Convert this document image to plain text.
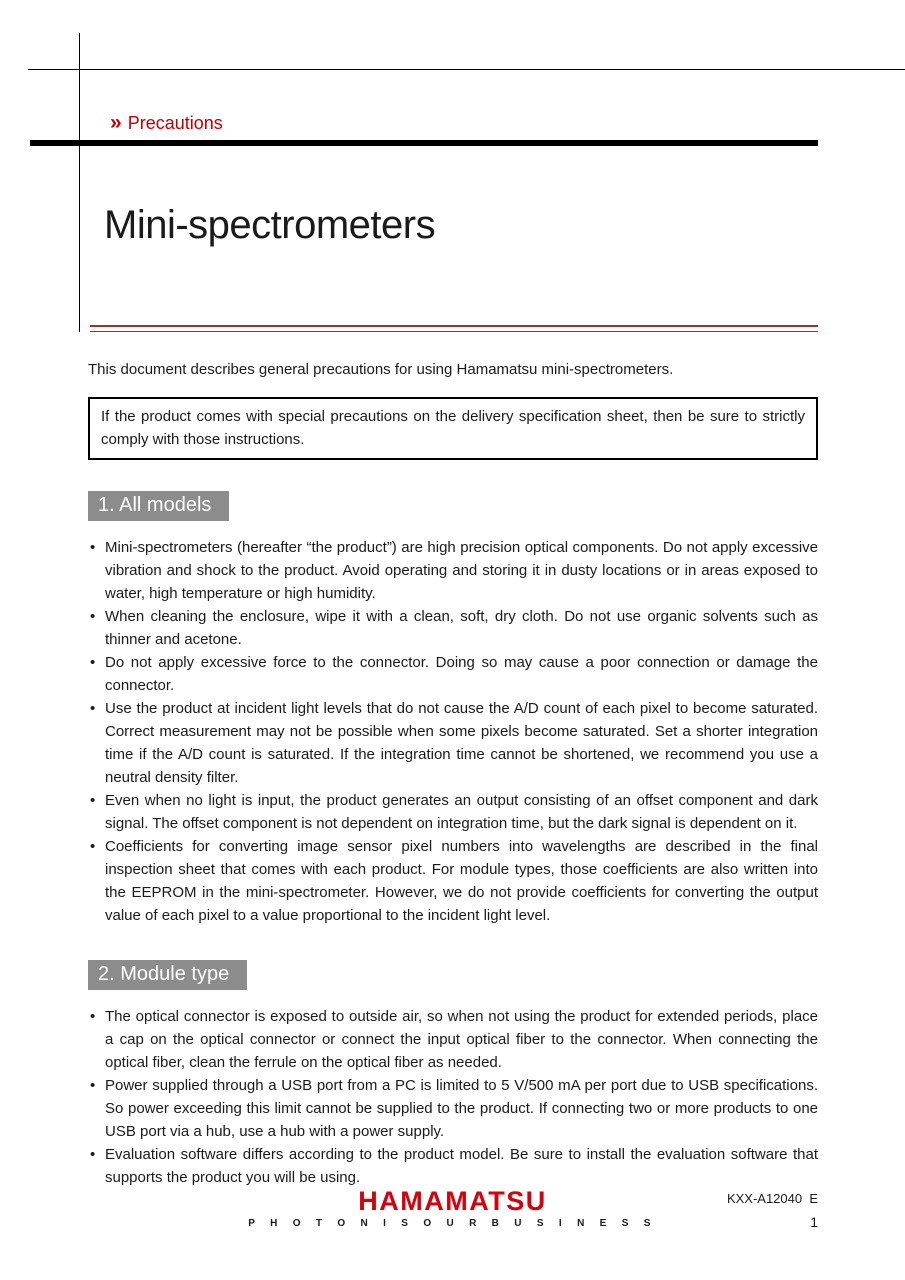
» Precautions
Mini-spectrometers

This document describes general precautions for using Hamamatsu mini-spectrometers.

If the product comes with special precautions on the delivery specification sheet, then be sure to strictly comply with those instructions.
1. All models
• Mini-spectrometers (hereafter “the product”) are high precision optical components. Do not apply excessive vibration and shock to the product. Avoid operating and storing it in dusty locations or in areas exposed to water, high temperature or high humidity.
• When cleaning the enclosure, wipe it with a clean, soft, dry cloth. Do not use organic solvents such as thinner and acetone.
• Do not apply excessive force to the connector. Doing so may cause a poor connection or damage the connector.
• Use the product at incident light levels that do not cause the A/D count of each pixel to become saturated. Correct measurement may not be possible when some pixels become saturated. Set a shorter integration time if the A/D count is saturated. If the integration time cannot be shortened, we recommend you use a neutral density filter.
• Even when no light is input, the product generates an output consisting of an offset component and dark signal. The offset component is not dependent on integration time, but the dark signal is dependent on it.
• Coefficients for converting image sensor pixel numbers into wavelengths are described in the final inspection sheet that comes with each product. For module types, those coefficients are also written into the EEPROM in the mini-spectrometer. However, we do not provide coefficients for converting the output value of each pixel to a value proportional to the incident light level.
2. Module type
• The optical connector is exposed to outside air, so when not using the product for extended periods, place a cap on the optical connector or connect the input optical fiber to the connector. When connecting the optical fiber, clean the ferrule on the optical fiber as needed.
• Power supplied through a USB port from a PC is limited to 5 V/500 mA per port due to USB specifications. So power exceeding this limit cannot be supplied to the product. If connecting two or more products to one USB port via a hub, use a hub with a power supply.
• Evaluation software differs according to the product model. Be sure to install the evaluation software that supports the product you will be using.
HAMAMATSU
P H O T O N I S O U R B U S I N E S S
KXX-A12040  E
1
